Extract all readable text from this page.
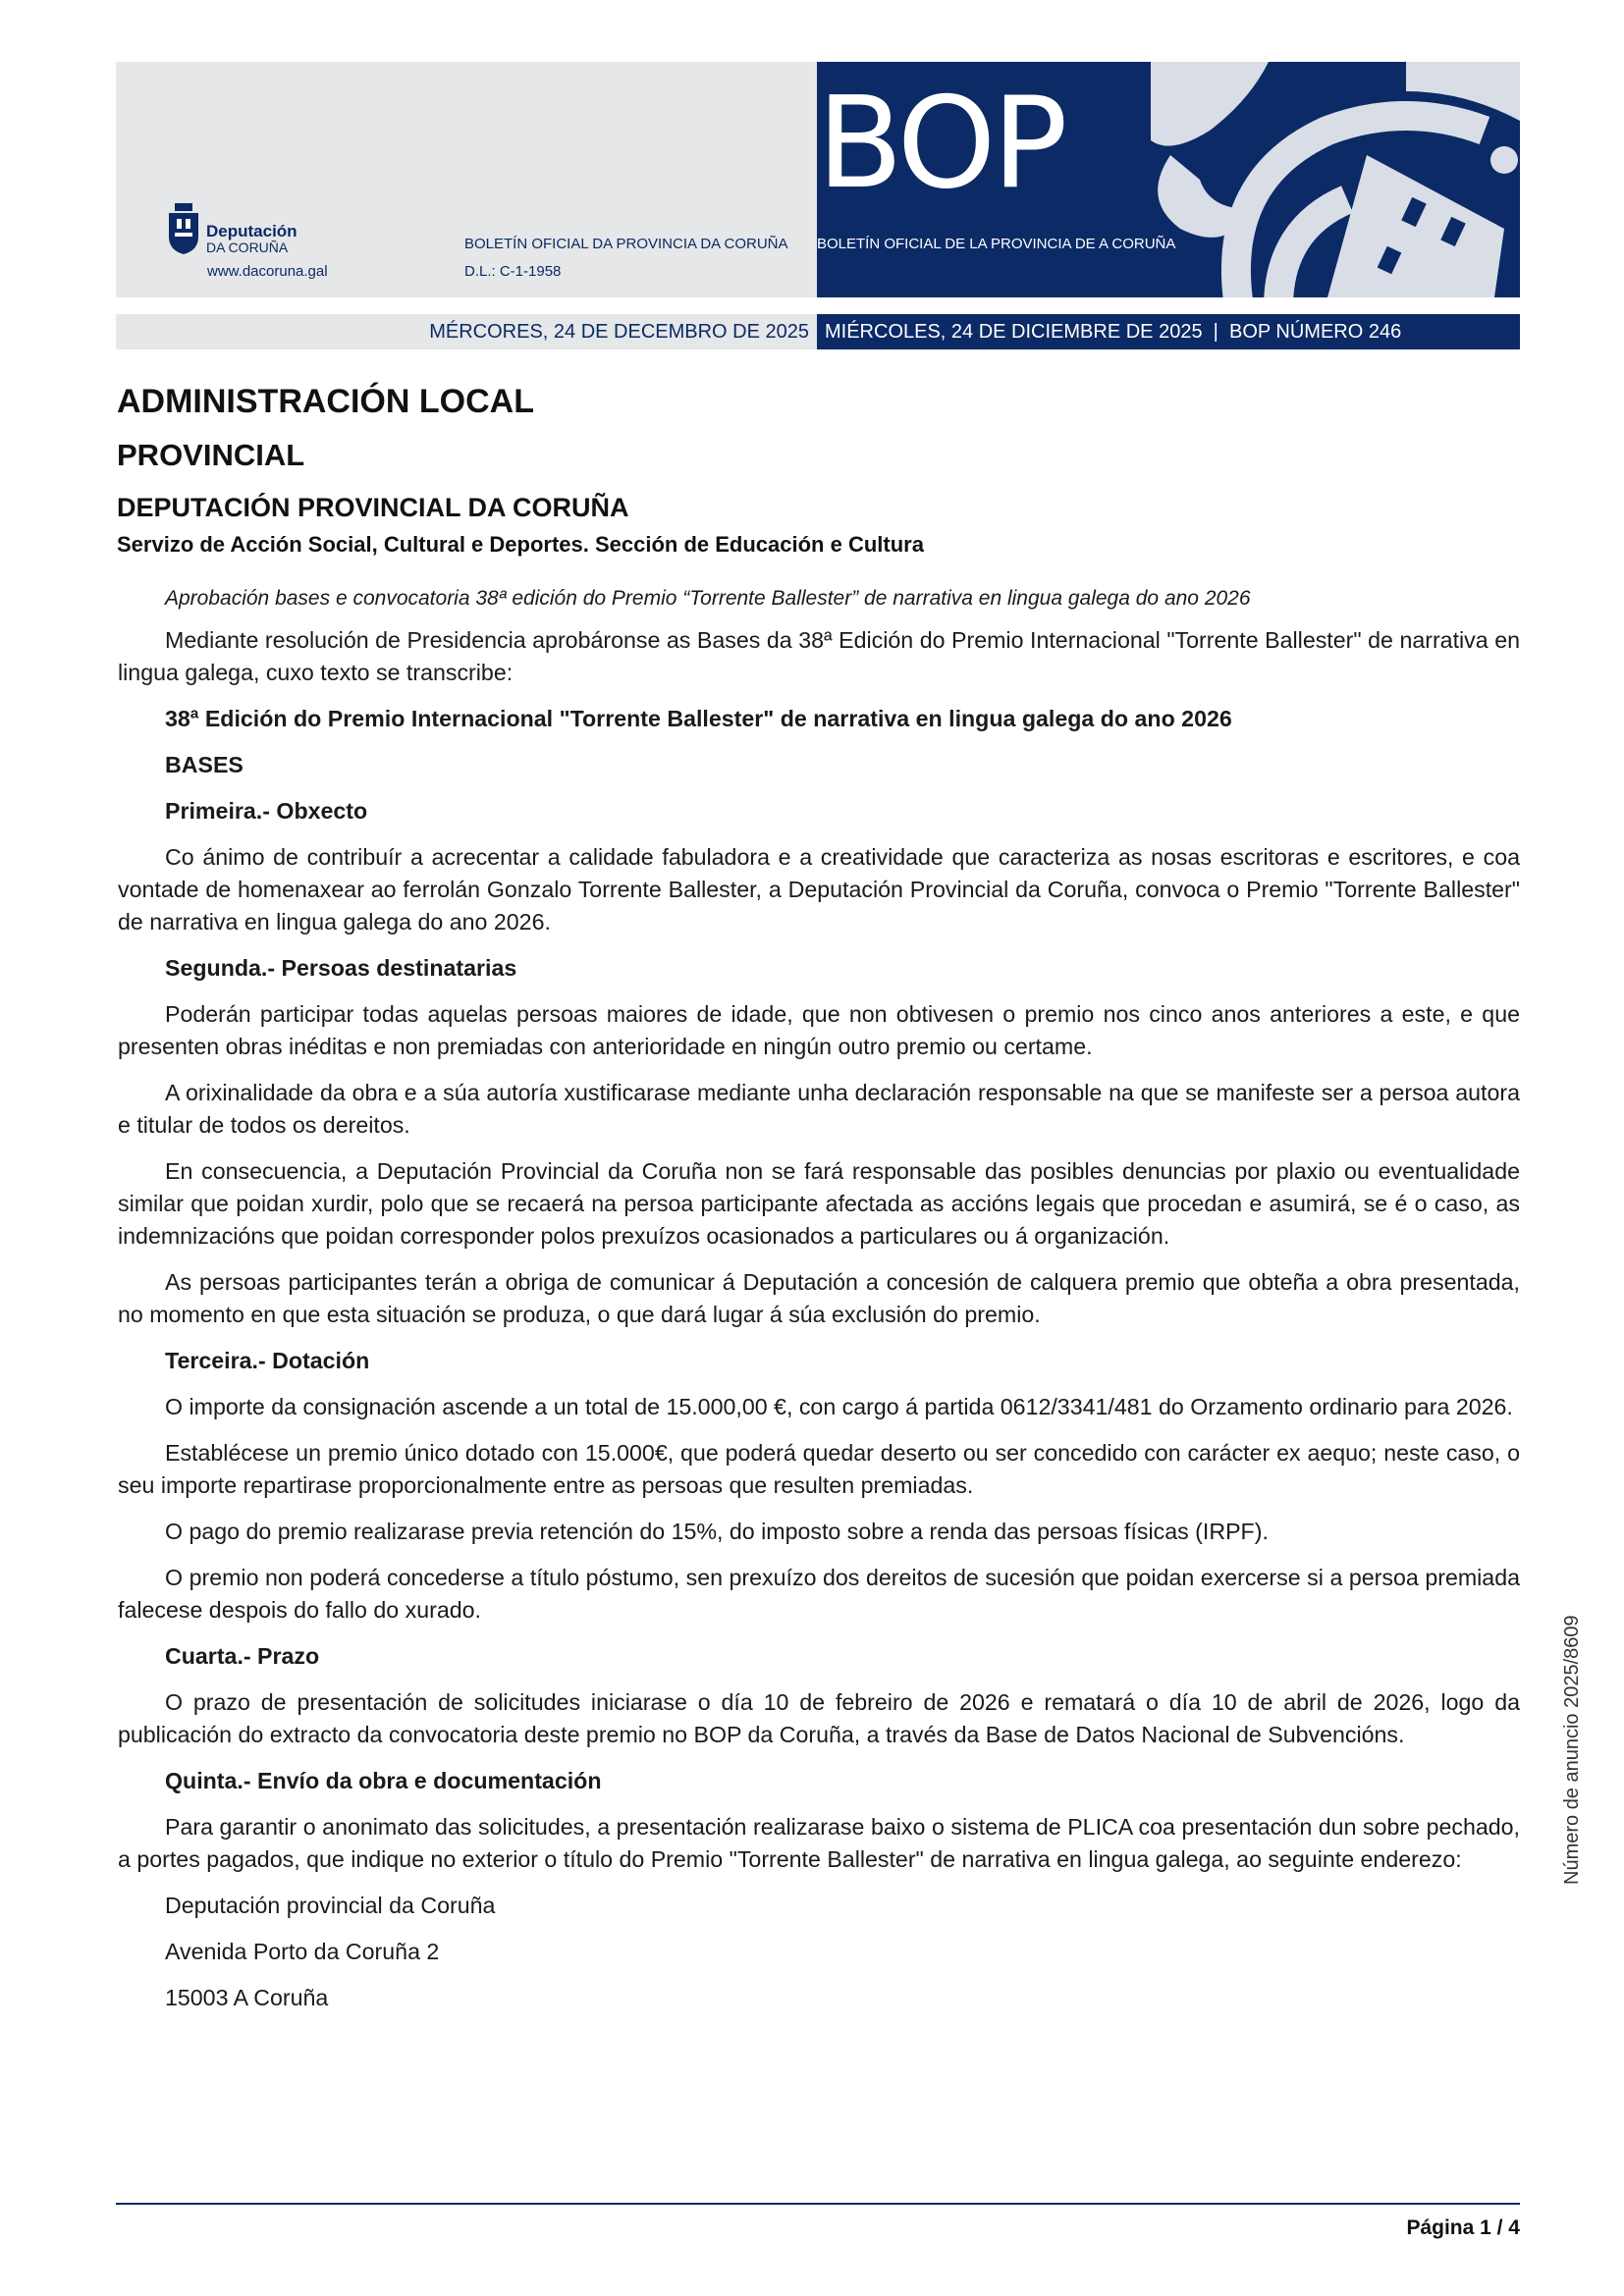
BOP
Deputación
DA CORUÑA
www.dacoruna.gal
BOLETÍN OFICIAL DA PROVINCIA DA CORUÑA BOLETÍN OFICIAL DE LA PROVINCIA DE A CORUÑA
D.L.: C-1-1958
MÉRCORES, 24 DE DECEMBRO DE 2025 MIÉRCOLES, 24 DE DICIEMBRE DE 2025  |  BOP NÚMERO 246
ADMINISTRACIÓN LOCAL
PROVINCIAL
DEPUTACIÓN PROVINCIAL DA CORUÑA
Servizo de Acción Social, Cultural e Deportes. Sección de Educación e Cultura

Aprobación bases e convocatoria 38ª edición do Premio “Torrente Ballester” de narrativa en lingua galega do ano 2026

Mediante resolución de Presidencia aprobáronse as Bases da 38ª Edición do Premio Internacional "Torrente Ballester" de narrativa en lingua galega, cuxo texto se transcribe:

38ª Edición do Premio Internacional "Torrente Ballester" de narrativa en lingua galega do ano 2026

BASES

Primeira.- Obxecto

Co ánimo de contribuír a acrecentar a calidade fabuladora e a creatividade que caracteriza as nosas escritoras e escritores, e coa vontade de homenaxear ao ferrolán Gonzalo Torrente Ballester, a Deputación Provincial da Coruña, convoca o Premio "Torrente Ballester" de narrativa en lingua galega do ano 2026.

Segunda.- Persoas destinatarias

Poderán participar todas aquelas persoas maiores de idade, que non obtivesen o premio nos cinco anos anteriores a este, e que presenten obras inéditas e non premiadas con anterioridade en ningún outro premio ou certame.

A orixinalidade da obra e a súa autoría xustificarase mediante unha declaración responsable na que se manifeste ser a persoa autora e titular de todos os dereitos.

En consecuencia, a Deputación Provincial da Coruña non se fará responsable das posibles denuncias por plaxio ou eventualidade similar que poidan xurdir, polo que se recaerá na persoa participante afectada as accións legais que procedan e asumirá, se é o caso, as indemnizacións que poidan corresponder polos prexuízos ocasionados a particulares ou á organización.

As persoas participantes terán a obriga de comunicar á Deputación a concesión de calquera premio que obteña a obra presentada, no momento en que esta situación se produza, o que dará lugar á súa exclusión do premio.

Terceira.- Dotación

O importe da consignación ascende a un total de 15.000,00 €, con cargo á partida 0612/3341/481 do Orzamento ordinario para 2026.

Establécese un premio único dotado con 15.000€, que poderá quedar deserto ou ser concedido con carácter ex aequo; neste caso, o seu importe repartirase proporcionalmente entre as persoas que resulten premiadas.

O pago do premio realizarase previa retención do 15%, do imposto sobre a renda das persoas físicas (IRPF).

O premio non poderá concederse a título póstumo, sen prexuízo dos dereitos de sucesión que poidan exercerse si a persoa premiada falecese despois do fallo do xurado.

Cuarta.- Prazo

O prazo de presentación de solicitudes iniciarase o día 10 de febreiro de 2026 e rematará o día 10 de abril de 2026, logo da publicación do extracto da convocatoria deste premio no BOP da Coruña, a través da Base de Datos Nacional de Subvencións.

Quinta.- Envío da obra e documentación

Para garantir o anonimato das solicitudes, a presentación realizarase baixo o sistema de PLICA coa presentación dun sobre pechado, a portes pagados, que indique no exterior o título do Premio "Torrente Ballester" de narrativa en lingua galega, ao seguinte enderezo:

Deputación provincial da Coruña

Avenida Porto da Coruña 2

15003 A Coruña

Página 1 / 4
Número de anuncio 2025/8609
